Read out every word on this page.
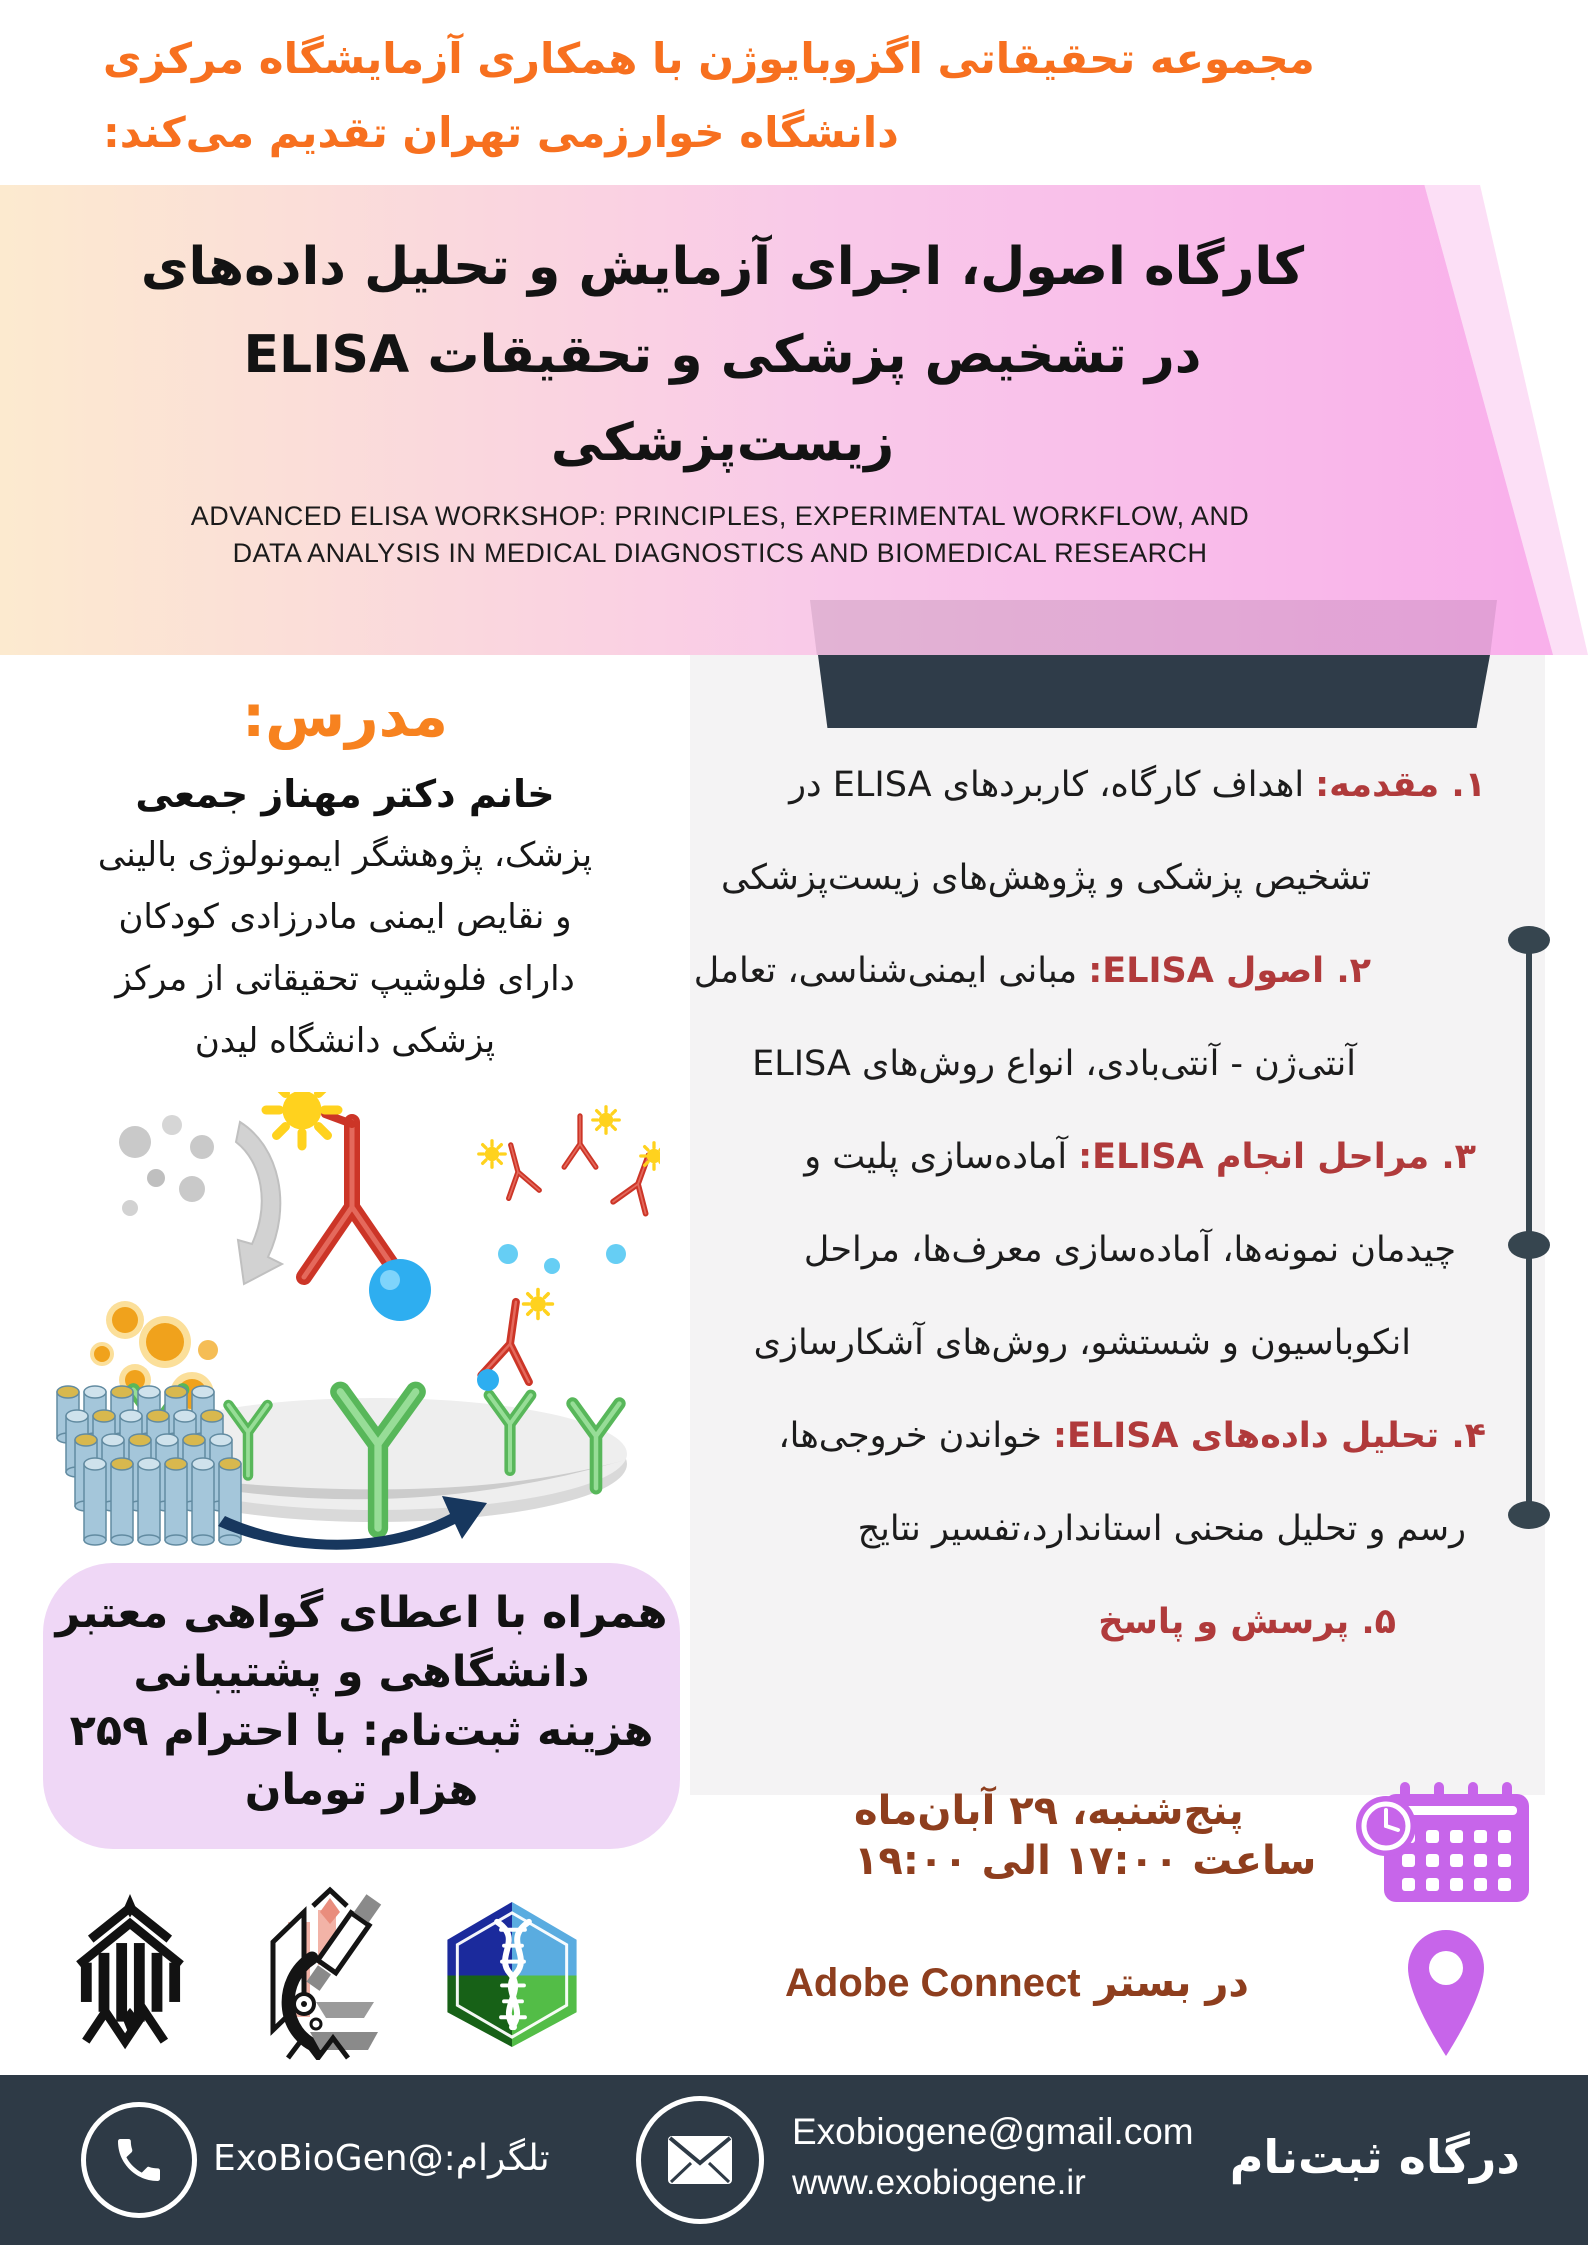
مجموعه تحقیقاتی اگزوبایوژن با همکاری آزمایشگاه مرکزی
دانشگاه خوارزمی تهران تقدیم می‌کند:
کارگاه اصول، اجرای آزمایش و تحلیل داده‌های
ELISA در تشخیص پزشکی و تحقیقات
زیست‌پزشکی
ADVANCED ELISA WORKSHOP: PRINCIPLES, EXPERIMENTAL WORKFLOW, AND
DATA ANALYSIS IN MEDICAL DIAGNOSTICS AND BIOMEDICAL RESEARCH
۱. مقدمه: اهداف کارگاه، کاربردهای ELISA در
تشخیص پزشکی و پژوهش‌های زیست‌پزشکی
۲. اصول ELISA: مبانی ایمنی‌شناسی، تعامل
آنتی‌ژن - آنتی‌بادی، انواع روش‌های ELISA
۳. مراحل انجام ELISA: آماده‌سازی پلیت و
چیدمان نمونه‌ها، آماده‌سازی معرف‌ها، مراحل
انکوباسیون و شستشو، روش‌های آشکارسازی
۴. تحلیل داده‌های ELISA: خواندن خروجی‌ها،
رسم و تحلیل منحنی استاندارد،تفسیر نتایج
۵. پرسش و پاسخ
مدرس:
خانم دکتر مهناز جمعی
پزشک، پژوهشگر ایمونولوژی بالینی
و نقایص ایمنی مادرزادی کودکان
دارای فلوشیپ تحقیقاتی از مرکز
پزشکی دانشگاه لیدن
همراه با اعطای گواهی معتبر
دانشگاهی و پشتیبانی
هزینه ثبت‌نام: با احترام ۲۵۹
هزار تومان	پنج‌شنبه، ۲۹ آبان‌ماه
ساعت ۱۷:۰۰ الی ۱۹:۰۰
در بستر Adobe Connect
تلگرام:@ExoBioGen
Exobiogene@gmail.com
www.exobiogene.ir	درگاه ثبت‌نام
